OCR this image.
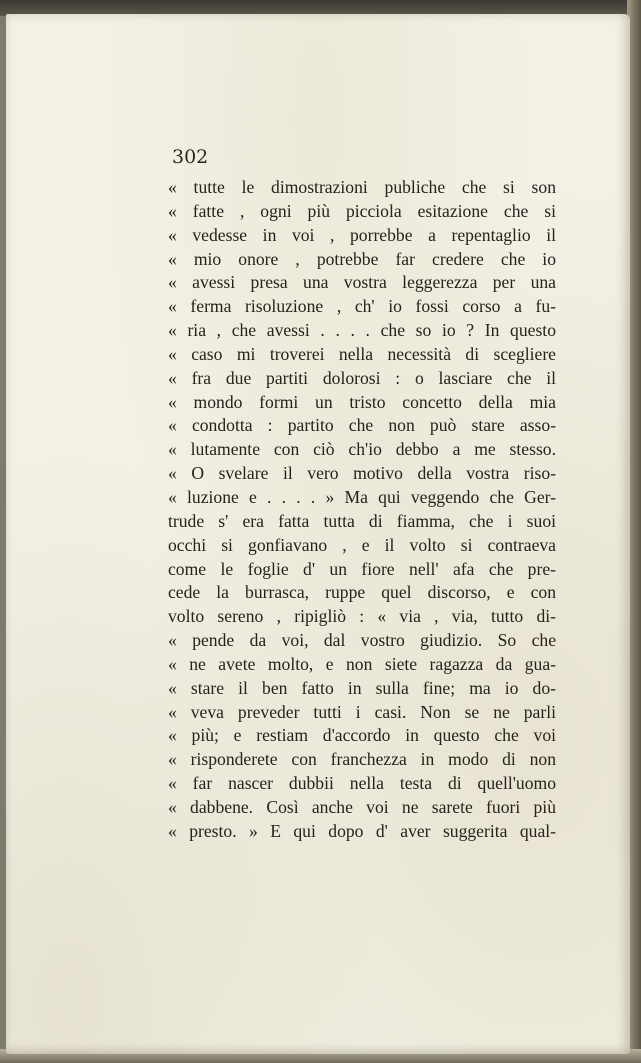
302

« tutte le dimostrazioni publiche che si son
« fatte , ogni più picciola esitazione che si
« vedesse in voi , porrebbe a repentaglio il
« mio onore , potrebbe far credere che io
« avessi presa una vostra leggerezza per una
« ferma risoluzione , ch' io fossi corso a fu-
« ria , che avessi . . . . che so io ? In questo
« caso mi troverei nella necessità di scegliere
« fra due partiti dolorosi : o lasciare che il
« mondo formi un tristo concetto della mia
« condotta : partito che non può stare asso-
« lutamente con ciò ch'io debbo a me stesso.
« O svelare il vero motivo della vostra riso-
« luzione e . . . . » Ma qui veggendo che Ger-
trude s' era fatta tutta di fiamma, che i suoi
occhi si gonfiavano , e il volto si contraeva
come le foglie d' un fiore nell' afa che pre-
cede la burrasca, ruppe quel discorso, e con
volto sereno , ripigliò : « via , via, tutto di-
« pende da voi, dal vostro giudizio. So che
« ne avete molto, e non siete ragazza da gua-
« stare il ben fatto in sulla fine; ma io do-
« veva preveder tutti i casi. Non se ne parli
« più; e restiam d'accordo in questo che voi
« risponderete con franchezza in modo di non
« far nascer dubbii nella testa di quell'uomo
« dabbene. Così anche voi ne sarete fuori più
« presto. » E qui dopo d' aver suggerita qual-
